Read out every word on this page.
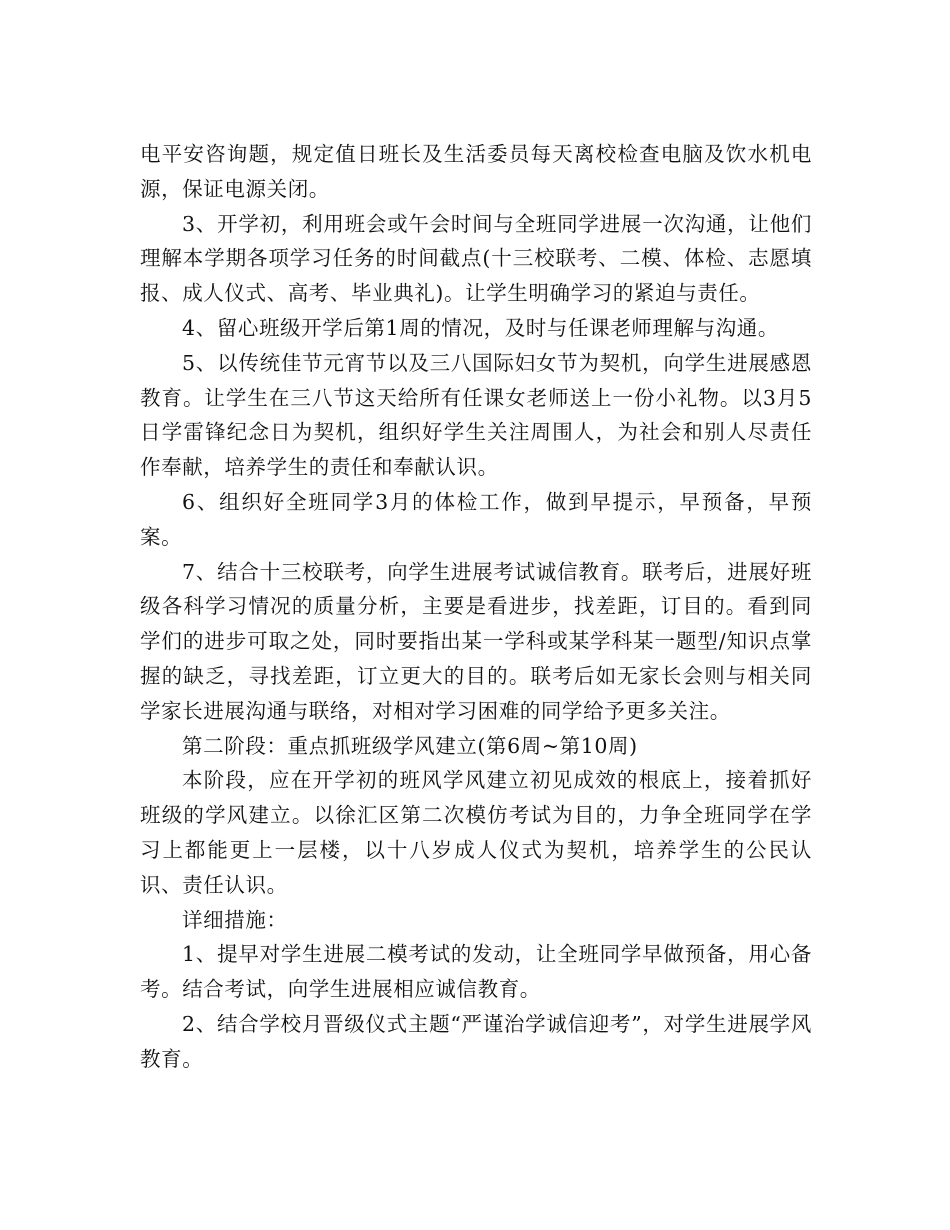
电平安咨询题，规定值日班长及生活委员每天离校检查电脑及饮水机电源，保证电源关闭。

3、开学初，利用班会或午会时间与全班同学进展一次沟通，让他们理解本学期各项学习任务的时间截点(十三校联考、二模、体检、志愿填报、成人仪式、高考、毕业典礼)。让学生明确学习的紧迫与责任。

4、留心班级开学后第1周的情况，及时与任课老师理解与沟通。

5、以传统佳节元宵节以及三八国际妇女节为契机，向学生进展感恩教育。让学生在三八节这天给所有任课女老师送上一份小礼物。以3月5日学雷锋纪念日为契机，组织好学生关注周围人，为社会和别人尽责任作奉献，培养学生的责任和奉献认识。

6、组织好全班同学3月的体检工作，做到早提示，早预备，早预案。

7、结合十三校联考，向学生进展考试诚信教育。联考后，进展好班级各科学习情况的质量分析，主要是看进步，找差距，订目的。看到同学们的进步可取之处，同时要指出某一学科或某学科某一题型/知识点掌握的缺乏，寻找差距，订立更大的目的。联考后如无家长会则与相关同学家长进展沟通与联络，对相对学习困难的同学给予更多关注。

第二阶段：重点抓班级学风建立(第6周~第10周)

本阶段，应在开学初的班风学风建立初见成效的根底上，接着抓好班级的学风建立。以徐汇区第二次模仿考试为目的，力争全班同学在学习上都能更上一层楼，以十八岁成人仪式为契机，培养学生的公民认识、责任认识。

详细措施：

1、提早对学生进展二模考试的发动，让全班同学早做预备，用心备考。结合考试，向学生进展相应诚信教育。

2、结合学校月晋级仪式主题“严谨治学诚信迎考”，对学生进展学风教育。
